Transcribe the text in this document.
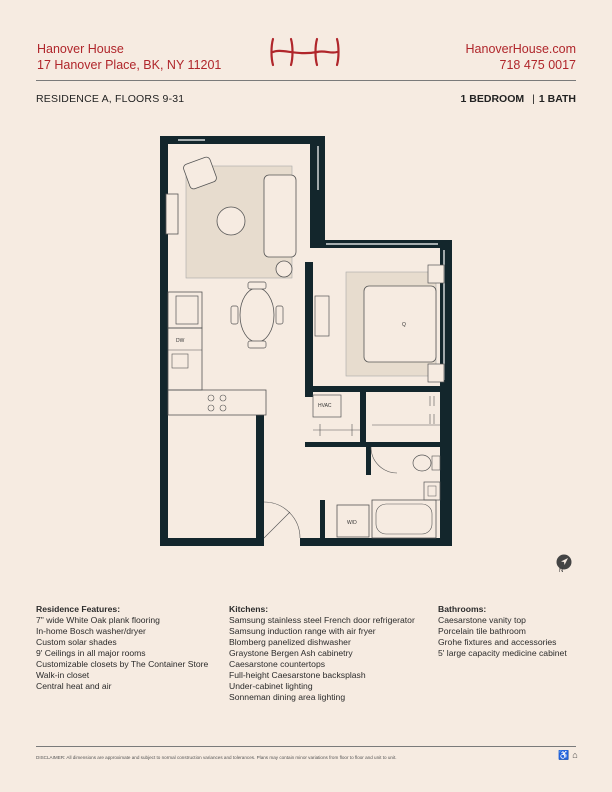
Hanover House
17 Hanover Place, BK, NY 11201
HanoverHouse.com
718 475 0017
RESIDENCE A, FLOORS 9-31	1 BEDROOM | 1 BATH
DW
HVAC
W/D
Q
N
Residence Features:
7" wide White Oak plank flooring
In-home Bosch washer/dryer
Custom solar shades
9' Ceilings in all major rooms
Customizable closets by The Container Store
Walk-in closet
Central heat and air
Kitchens:
Samsung stainless steel French door refrigerator
Samsung induction range with air fryer
Blomberg panelized dishwasher
Graystone Bergen Ash cabinetry
Caesarstone countertops
Full-height Caesarstone backsplash
Under-cabinet lighting
Sonneman dining area lighting
Bathrooms:
Caesarstone vanity top
Porcelain tile bathroom
Grohe fixtures and accessories
5' large capacity medicine cabinet
DISCLAIMER: All dimensions are approximate and subject to normal construction variances and tolerances. Plans may contain minor variations from floor to floor and unit to unit.	♿ ⌂
